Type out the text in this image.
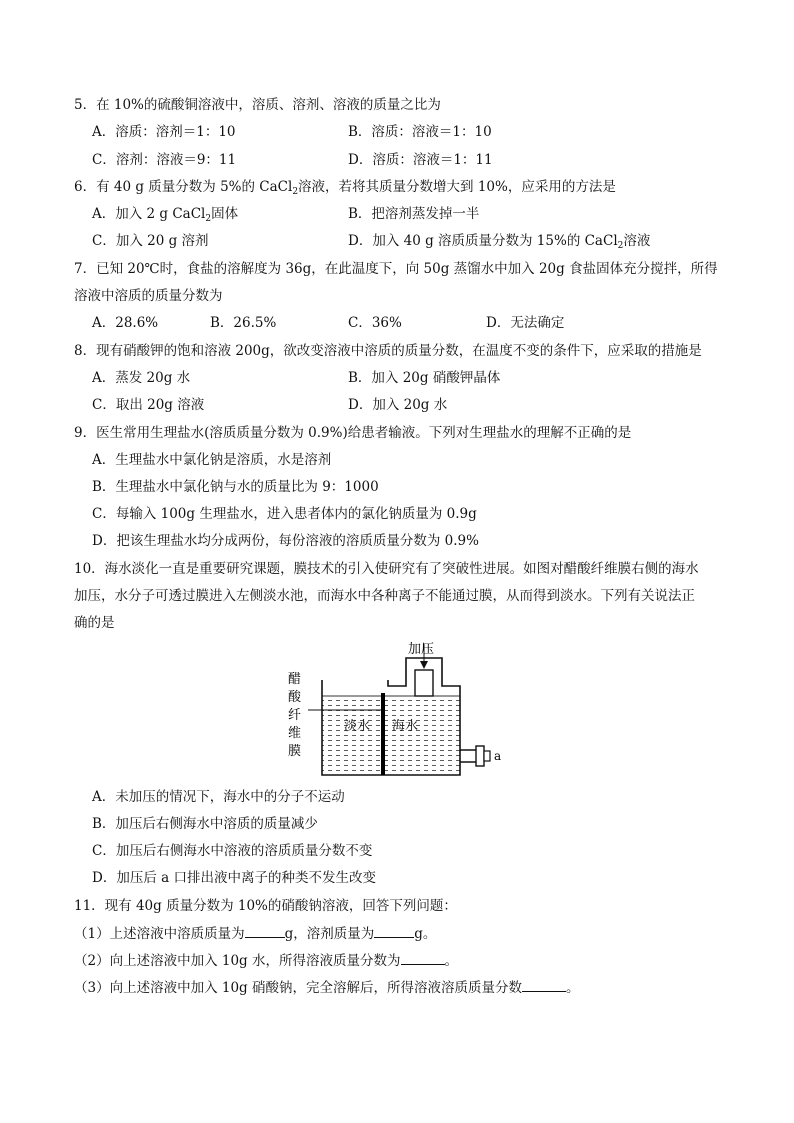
5．在 10%的硫酸铜溶液中，溶质、溶剂、溶液的质量之比为
A．溶质：溶剂＝1：10	B．溶质：溶液＝1：10
C．溶剂：溶液＝9：11	D．溶质：溶液＝1：11
6．有 40 g 质量分数为 5%的 CaCl$_2$溶液，若将其质量分数增大到 10%，应采用的方法是
A．加入 2 g CaCl$_2$固体	B．把溶剂蒸发掉一半
C．加入 20 g 溶剂	D．加入 40 g 溶质质量分数为 15%的 CaCl$_2$溶液
7．已知 20℃时，食盐的溶解度为 36g，在此温度下，向 50g 蒸馏水中加入 20g 食盐固体充分搅拌，所得
溶液中溶质的质量分数为
A．28.6%	B．26.5%	C．36%	D．无法确定
8．现有硝酸钾的饱和溶液 200g，欲改变溶液中溶质的质量分数，在温度不变的条件下，应采取的措施是
A．蒸发 20g 水	B．加入 20g 硝酸钾晶体
C．取出 20g 溶液	D．加入 20g 水
9．医生常用生理盐水(溶质质量分数为 0.9%)给患者输液。下列对生理盐水的理解不正确的是
A．生理盐水中氯化钠是溶质，水是溶剂
B．生理盐水中氯化钠与水的质量比为 9：1000
C．每输入 100g 生理盐水，进入患者体内的氯化钠质量为 0.9g
D．把该生理盐水均分成两份，每份溶液的溶质质量分数为 0.9%
10．海水淡化一直是重要研究课题，膜技术的引入使研究有了突破性进展。如图对醋酸纤维膜右侧的海水
加压，水分子可透过膜进入左侧淡水池，而海水中各种离子不能通过膜，从而得到淡水。下列有关说法正
确的是
加压
醋
酸
纤
维
膜
淡水 海水
a
A．未加压的情况下，海水中的分子不运动
B．加压后右侧海水中溶质的质量减少
C．加压后右侧海水中溶液的溶质质量分数不变
D．加压后 a 口排出液中离子的种类不发生改变
11．现有 40g 质量分数为 10%的硝酸钠溶液，回答下列问题：
（1）上述溶液中溶质质量为	g，溶剂质量为	g。
（2）向上述溶液中加入 10g 水，所得溶液质量分数为	。
（3）向上述溶液中加入 10g 硝酸钠，完全溶解后，所得溶液溶质质量分数	。
